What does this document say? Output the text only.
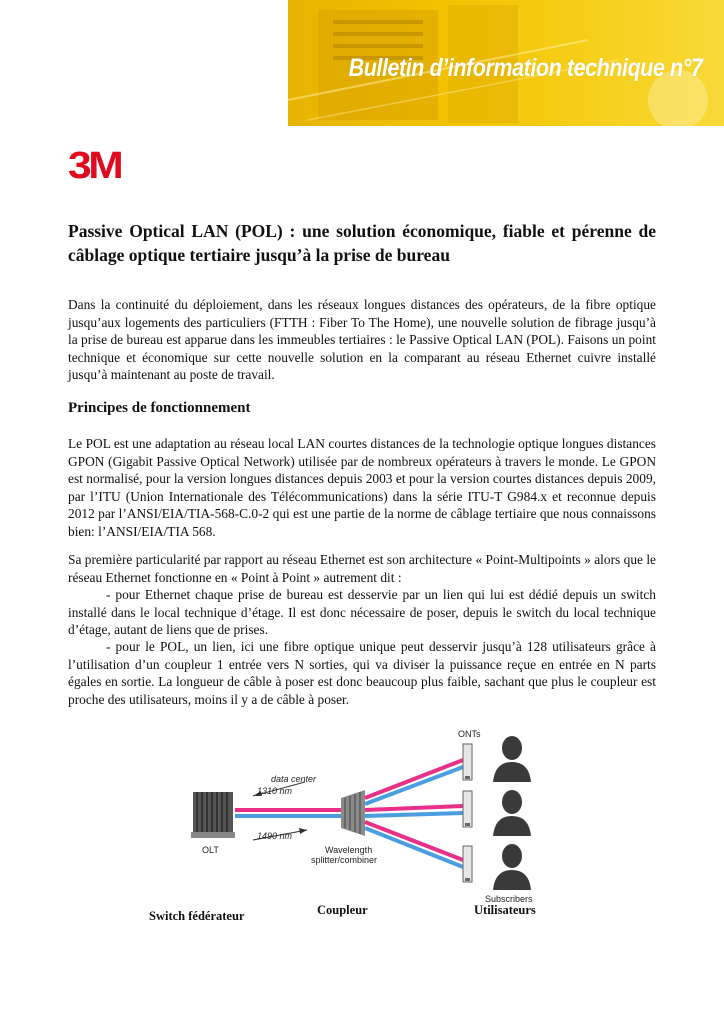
Bulletin d’information technique n°7
3M
Passive Optical LAN (POL) : une solution économique, fiable et pérenne de câblage optique tertiaire jusqu’à la prise de bureau

Dans la continuité du déploiement, dans les réseaux longues distances des opérateurs, de la fibre optique jusqu’aux logements des particuliers (FTTH : Fiber To The Home), une nouvelle solution de fibrage jusqu’à la prise de bureau est apparue dans les immeubles tertiaires : le Passive Optical LAN (POL). Faisons un point technique et économique sur cette nouvelle solution en la comparant au réseau Ethernet cuivre installé jusqu’à maintenant au poste de travail.

Principes de fonctionnement

Le POL est une adaptation au réseau local LAN courtes distances de la technologie optique longues distances GPON (Gigabit Passive Optical Network) utilisée par de nombreux opérateurs à travers le monde. Le GPON est normalisé, pour la version longues distances depuis 2003 et pour la version courtes distances depuis 2009, par l’ITU (Union Internationale des Télécommunications) dans la série ITU-T G984.x et reconnue depuis 2012 par l’ANSI/EIA/TIA-568-C.0-2 qui est une partie de la norme de câblage tertiaire que nous connaissons bien: l’ANSI/EIA/TIA 568.

Sa première particularité par rapport au réseau Ethernet est son architecture « Point-Multipoints » alors que le réseau Ethernet fonctionne en « Point à Point » autrement dit :

- pour Ethernet chaque prise de bureau est desservie par un lien qui lui est dédié depuis un switch installé dans le local technique d’étage. Il est donc nécessaire de poser, depuis le switch du local technique d’étage, autant de liens que de prises.

- pour le POL, un lien, ici une fibre optique unique peut desservir jusqu’à 128 utilisateurs grâce à l’utilisation d’un coupleur 1 entrée vers N sorties, qui va diviser la puissance reçue en entrée en N parts égales en sortie. La longueur de câble à poser est donc beaucoup plus faible, sachant que plus le coupleur est proche des utilisateurs, moins il y a de câble à poser.

OLT
data center
1310 nm
1490 nm
Wavelength
splitter/combiner
ONTs
Subscribers
Switch fédérateur	Coupleur	Utilisateurs
